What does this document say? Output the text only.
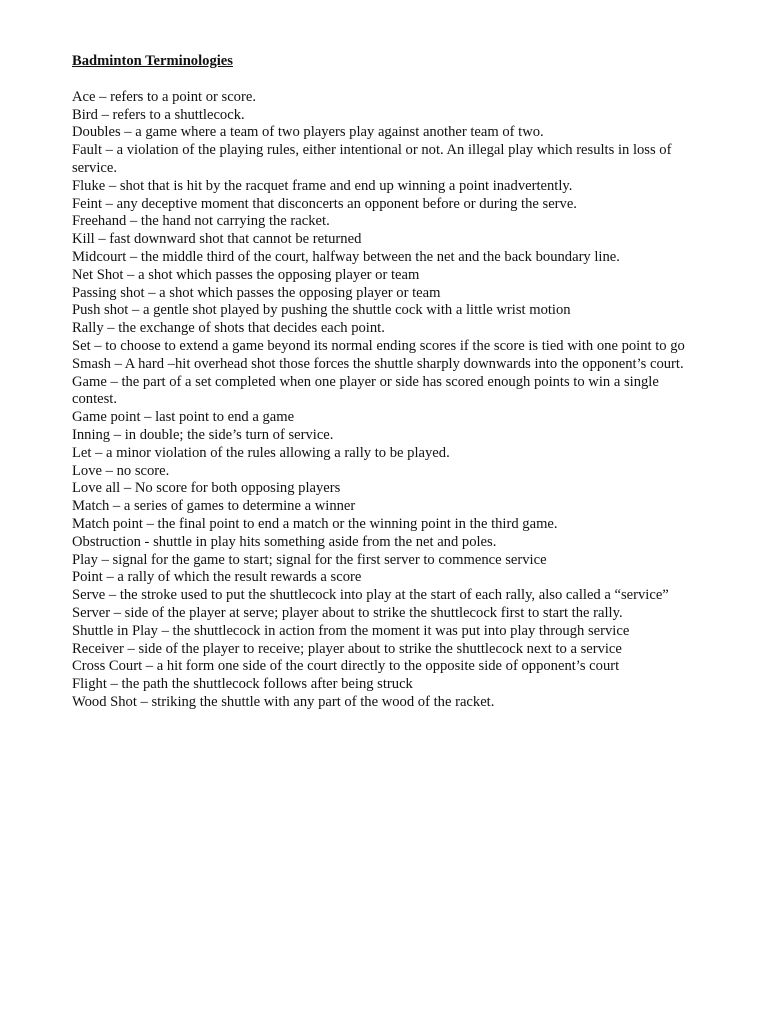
Badminton Terminologies
Ace – refers to a point or score.
Bird – refers to a shuttlecock.
Doubles – a game where a team of two players play against another team of two.
Fault – a violation of the playing rules, either intentional or not. An illegal play which results in loss of service.
Fluke – shot that is hit by the racquet frame and end up winning a point inadvertently.
Feint – any deceptive moment that disconcerts an opponent before or during the serve.
Freehand – the hand not carrying the racket.
Kill – fast downward shot that cannot be returned
Midcourt – the middle third of the court, halfway between the net and the back boundary line.
Net Shot – a shot which passes the opposing player or team
Passing shot – a shot which passes the opposing player or team
Push shot – a gentle shot played by pushing the shuttle cock with a little wrist motion
Rally – the exchange of shots that decides each point.
Set – to choose to extend a game beyond its normal ending scores if the score is tied with one point to go
Smash – A hard –hit overhead shot those forces the shuttle sharply downwards into the opponent’s court.
Game – the part of a set completed when one player or side has scored enough points to win a single contest.
Game point – last point to end a game
Inning – in double; the side’s turn of service.
Let – a minor violation of the rules allowing a rally to be played.
Love – no score.
Love all – No score for both opposing players
Match – a series of games to determine a winner
Match point – the final point to end a match or the winning point in the third game.
Obstruction - shuttle in play hits something aside from the net and poles.
Play – signal for the game to start; signal for the first server to commence service
Point – a rally of which the result rewards a score
Serve – the stroke used to put the shuttlecock into play at the start of each rally, also called a “service”
Server – side of the player at serve; player about to strike the shuttlecock first to start the rally.
Shuttle in Play – the shuttlecock in action from the moment it was put into play through service
Receiver – side of the player to receive; player about to strike the shuttlecock next to a service
Cross Court – a hit form one side of the court directly to the opposite side of opponent’s court
Flight – the path the shuttlecock follows after being struck
Wood Shot – striking the shuttle with any part of the wood of the racket.
